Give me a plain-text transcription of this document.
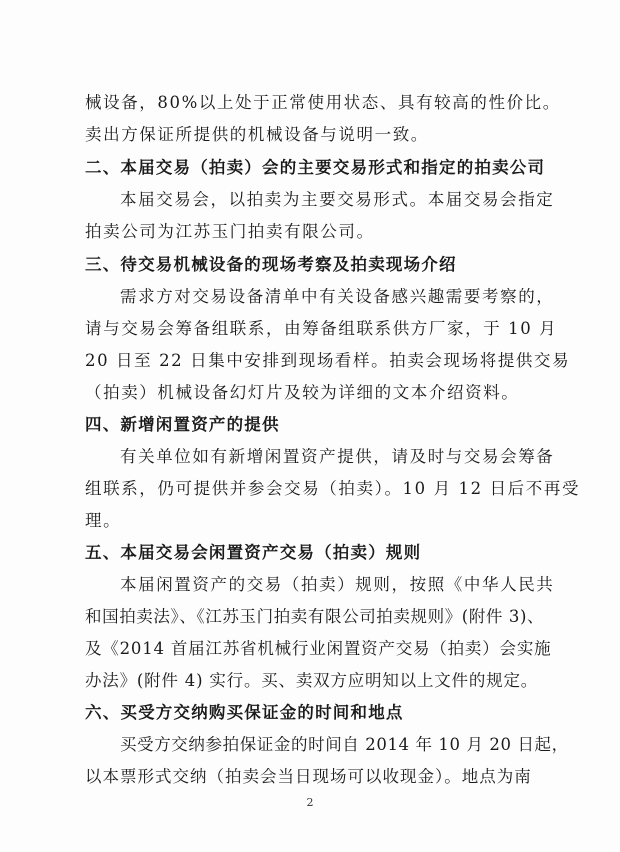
械设备，80%以上处于正常使用状态、具有较高的性价比。
卖出方保证所提供的机械设备与说明一致。
二、本届交易（拍卖）会的主要交易形式和指定的拍卖公司
本届交易会，以拍卖为主要交易形式。本届交易会指定
拍卖公司为江苏玉门拍卖有限公司。
三、待交易机械设备的现场考察及拍卖现场介绍
需求方对交易设备清单中有关设备感兴趣需要考察的，
请与交易会筹备组联系，由筹备组联系供方厂家，于 10 月
20 日至 22 日集中安排到现场看样。拍卖会现场将提供交易
（拍卖）机械设备幻灯片及较为详细的文本介绍资料。
四、新增闲置资产的提供
有关单位如有新增闲置资产提供，请及时与交易会筹备
组联系，仍可提供并参会交易（拍卖）。10 月 12 日后不再受
理。
五、本届交易会闲置资产交易（拍卖）规则
本届闲置资产的交易（拍卖）规则，按照《中华人民共
和国拍卖法》、《江苏玉门拍卖有限公司拍卖规则》(附件 3)、
及《2014 首届江苏省机械行业闲置资产交易（拍卖）会实施
办法》(附件 4) 实行。买、卖双方应明知以上文件的规定。
六、买受方交纳购买保证金的时间和地点
买受方交纳参拍保证金的时间自 2014 年 10 月 20 日起，
以本票形式交纳（拍卖会当日现场可以收现金）。地点为南
2
